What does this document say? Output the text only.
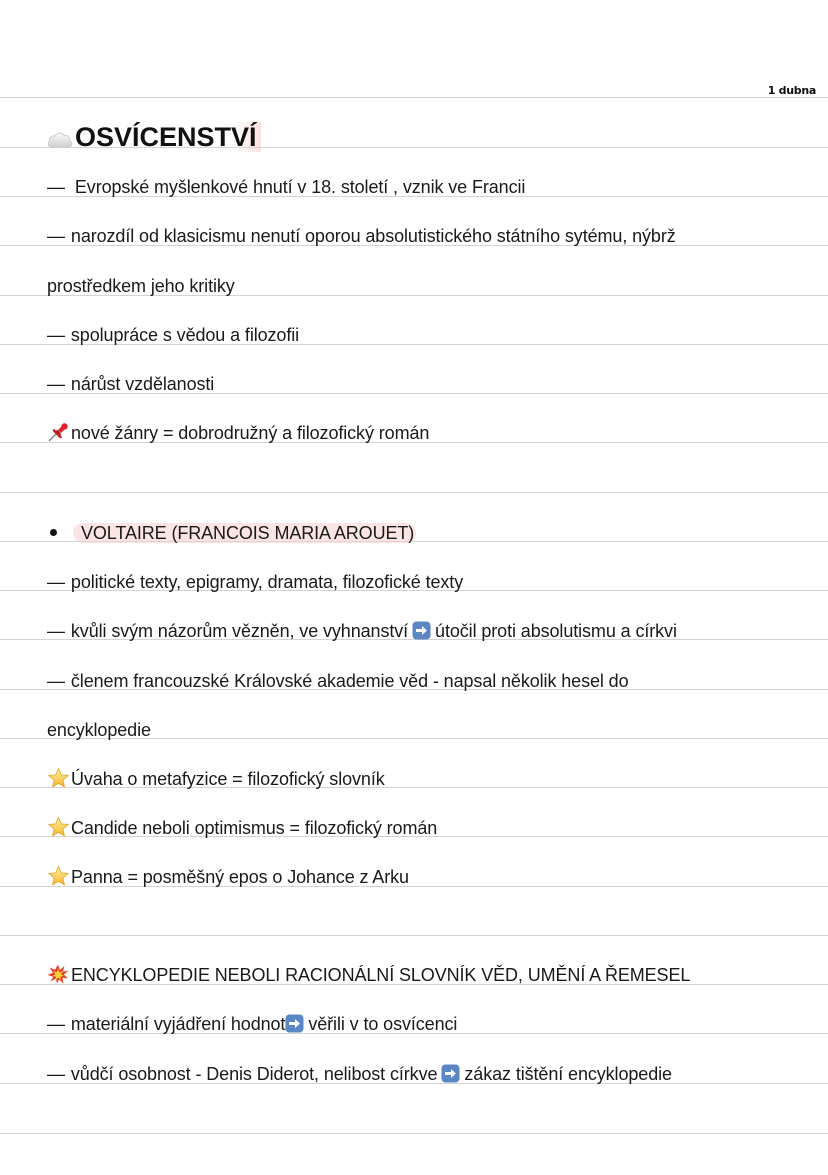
1 dubna
OSVÍCENSTVÍ
— Evropské myšlenkové hnutí v 18. století , vznik ve Francii
— narozdíl od klasicismu nenutí oporou absolutistického státního sytému, nýbrž
prostředkem jeho kritiky
— spolupráce s vědou a filozofii
— nárůst vzdělanosti
nové žánry = dobrodružný a filozofický román
VOLTAIRE (FRANCOIS MARIA AROUET)
— politické texty, epigramy, dramata, filozofické texty
— kvůli svým názorům vězněn, ve vyhnanství útočil proti absolutismu a církvi
— členem francouzské Královské akademie věd - napsal několik hesel do
encyklopedie
Úvaha o metafyzice = filozofický slovník
Candide neboli optimismus = filozofický román
Panna = posměšný epos o Johance z Arku
ENCYKLOPEDIE NEBOLI RACIONÁLNÍ SLOVNÍK VĚD, UMĚNÍ A ŘEMESEL
— materiální vyjádření hodnot věřili v to osvícenci
— vůdčí osobnost - Denis Diderot, nelibost církve zákaz tištění encyklopedie
